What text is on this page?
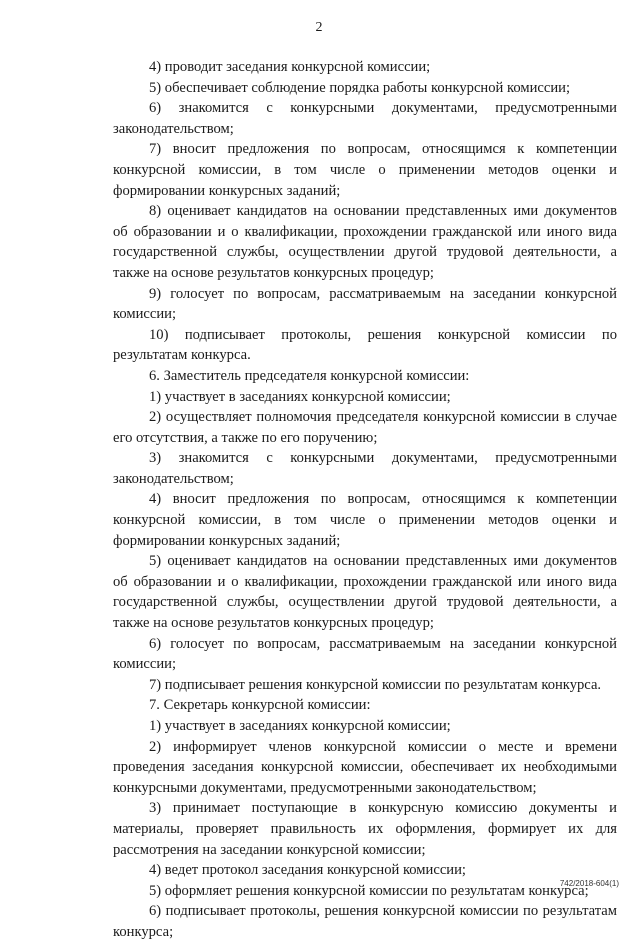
2

4) проводит заседания конкурсной комиссии;

5) обеспечивает соблюдение порядка работы конкурсной комиссии;

6) знакомится с конкурсными документами, предусмотренными законодательством;

7) вносит предложения по вопросам, относящимся к компетенции конкурсной комиссии, в том числе о применении методов оценки и формировании конкурсных заданий;

8) оценивает кандидатов на основании представленных ими документов об образовании и о квалификации, прохождении гражданской или иного вида государственной службы, осуществлении другой трудовой деятельности, а также на основе результатов конкурсных процедур;

9) голосует по вопросам, рассматриваемым на заседании конкурсной комиссии;

10) подписывает протоколы, решения конкурсной комиссии по результатам конкурса.

6. Заместитель председателя конкурсной комиссии:

1) участвует в заседаниях конкурсной комиссии;

2) осуществляет полномочия председателя конкурсной комиссии в случае его отсутствия, а также по его поручению;

3) знакомится с конкурсными документами, предусмотренными законодательством;

4) вносит предложения по вопросам, относящимся к компетенции конкурсной комиссии, в том числе о применении методов оценки и формировании конкурсных заданий;

5) оценивает кандидатов на основании представленных ими документов об образовании и о квалификации, прохождении гражданской или иного вида государственной службы, осуществлении другой трудовой деятельности, а также на основе результатов конкурсных процедур;

6) голосует по вопросам, рассматриваемым на заседании конкурсной комиссии;

7) подписывает решения конкурсной комиссии по результатам конкурса.

7. Секретарь конкурсной комиссии:

1) участвует в заседаниях конкурсной комиссии;

2) информирует членов конкурсной комиссии о месте и времени проведения заседания конкурсной комиссии, обеспечивает их необходимыми конкурсными документами, предусмотренными законодательством;

3) принимает поступающие в конкурсную комиссию документы и материалы, проверяет правильность их оформления, формирует их для рассмотрения на заседании конкурсной комиссии;

4) ведет протокол заседания конкурсной комиссии;

5) оформляет решения конкурсной комиссии по результатам конкурса;

6) подписывает протоколы, решения конкурсной комиссии по результатам конкурса;

742/2018-604(1)
